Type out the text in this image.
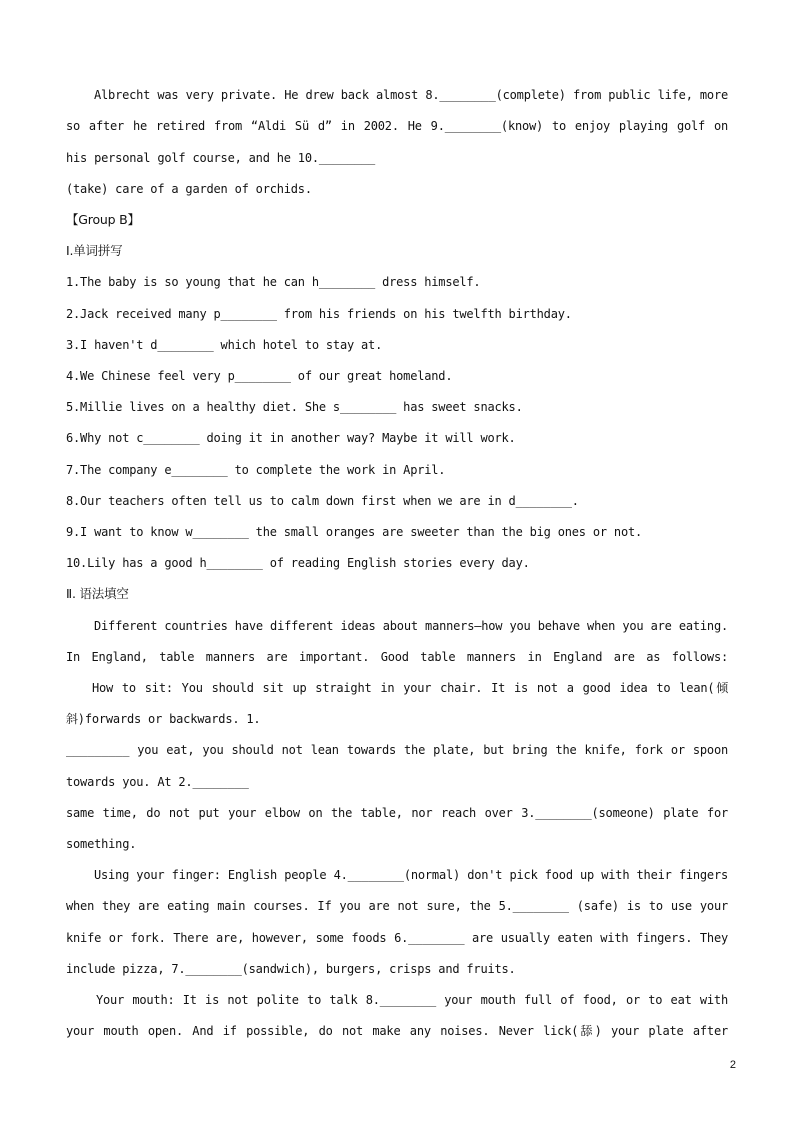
Albrecht was very private. He drew back almost 8.________(complete) from public life, more
so after he retired from “Aldi Sü d” in 2002. He 9.________(know) to enjoy playing golf on
his personal golf course, and he 10.________
(take) care of a garden of orchids.
【Group B】
Ⅰ.单词拼写
1.The baby is so young that he can h________ dress himself.
2.Jack received many p________ from his friends on his twelfth birthday.
3.I haven't d________ which hotel to stay at.
4.We Chinese feel very p________ of our great homeland.
5.Millie lives on a healthy diet. She s________ has sweet snacks.
6.Why not c________ doing it in another way? Maybe it will work.
7.The company e________ to complete the work in April.
8.Our teachers often tell us to calm down first when we are in d________.
9.I want to know w________ the small oranges are sweeter than the big ones or not.
10.Lily has a good h________ of reading English stories every day.
Ⅱ. 语法填空
Different countries have different ideas about manners—how you behave when you are eating.
In England, table manners are important. Good table manners in England are as follows:
How to sit: You should sit up straight in your chair. It is not a good idea to lean(倾
斜)forwards or backwards. 1.
_________ you eat, you should not lean towards the plate, but bring the knife, fork or spoon
towards you. At 2.________
same time, do not put your elbow on the table, nor reach over 3.________(someone) plate for
something.
Using your finger: English people 4.________(normal) don't pick food up with their fingers
when they are eating main courses. If you are not sure, the 5.________ (safe) is to use your
knife or fork. There are, however, some foods 6.________ are usually eaten with fingers. They
include pizza, 7.________(sandwich), burgers, crisps and fruits.
Your mouth: It is not polite to talk 8.________ your mouth full of food, or to eat with
your mouth open. And if possible, do not make any noises. Never lick(舔) your plate after
2
